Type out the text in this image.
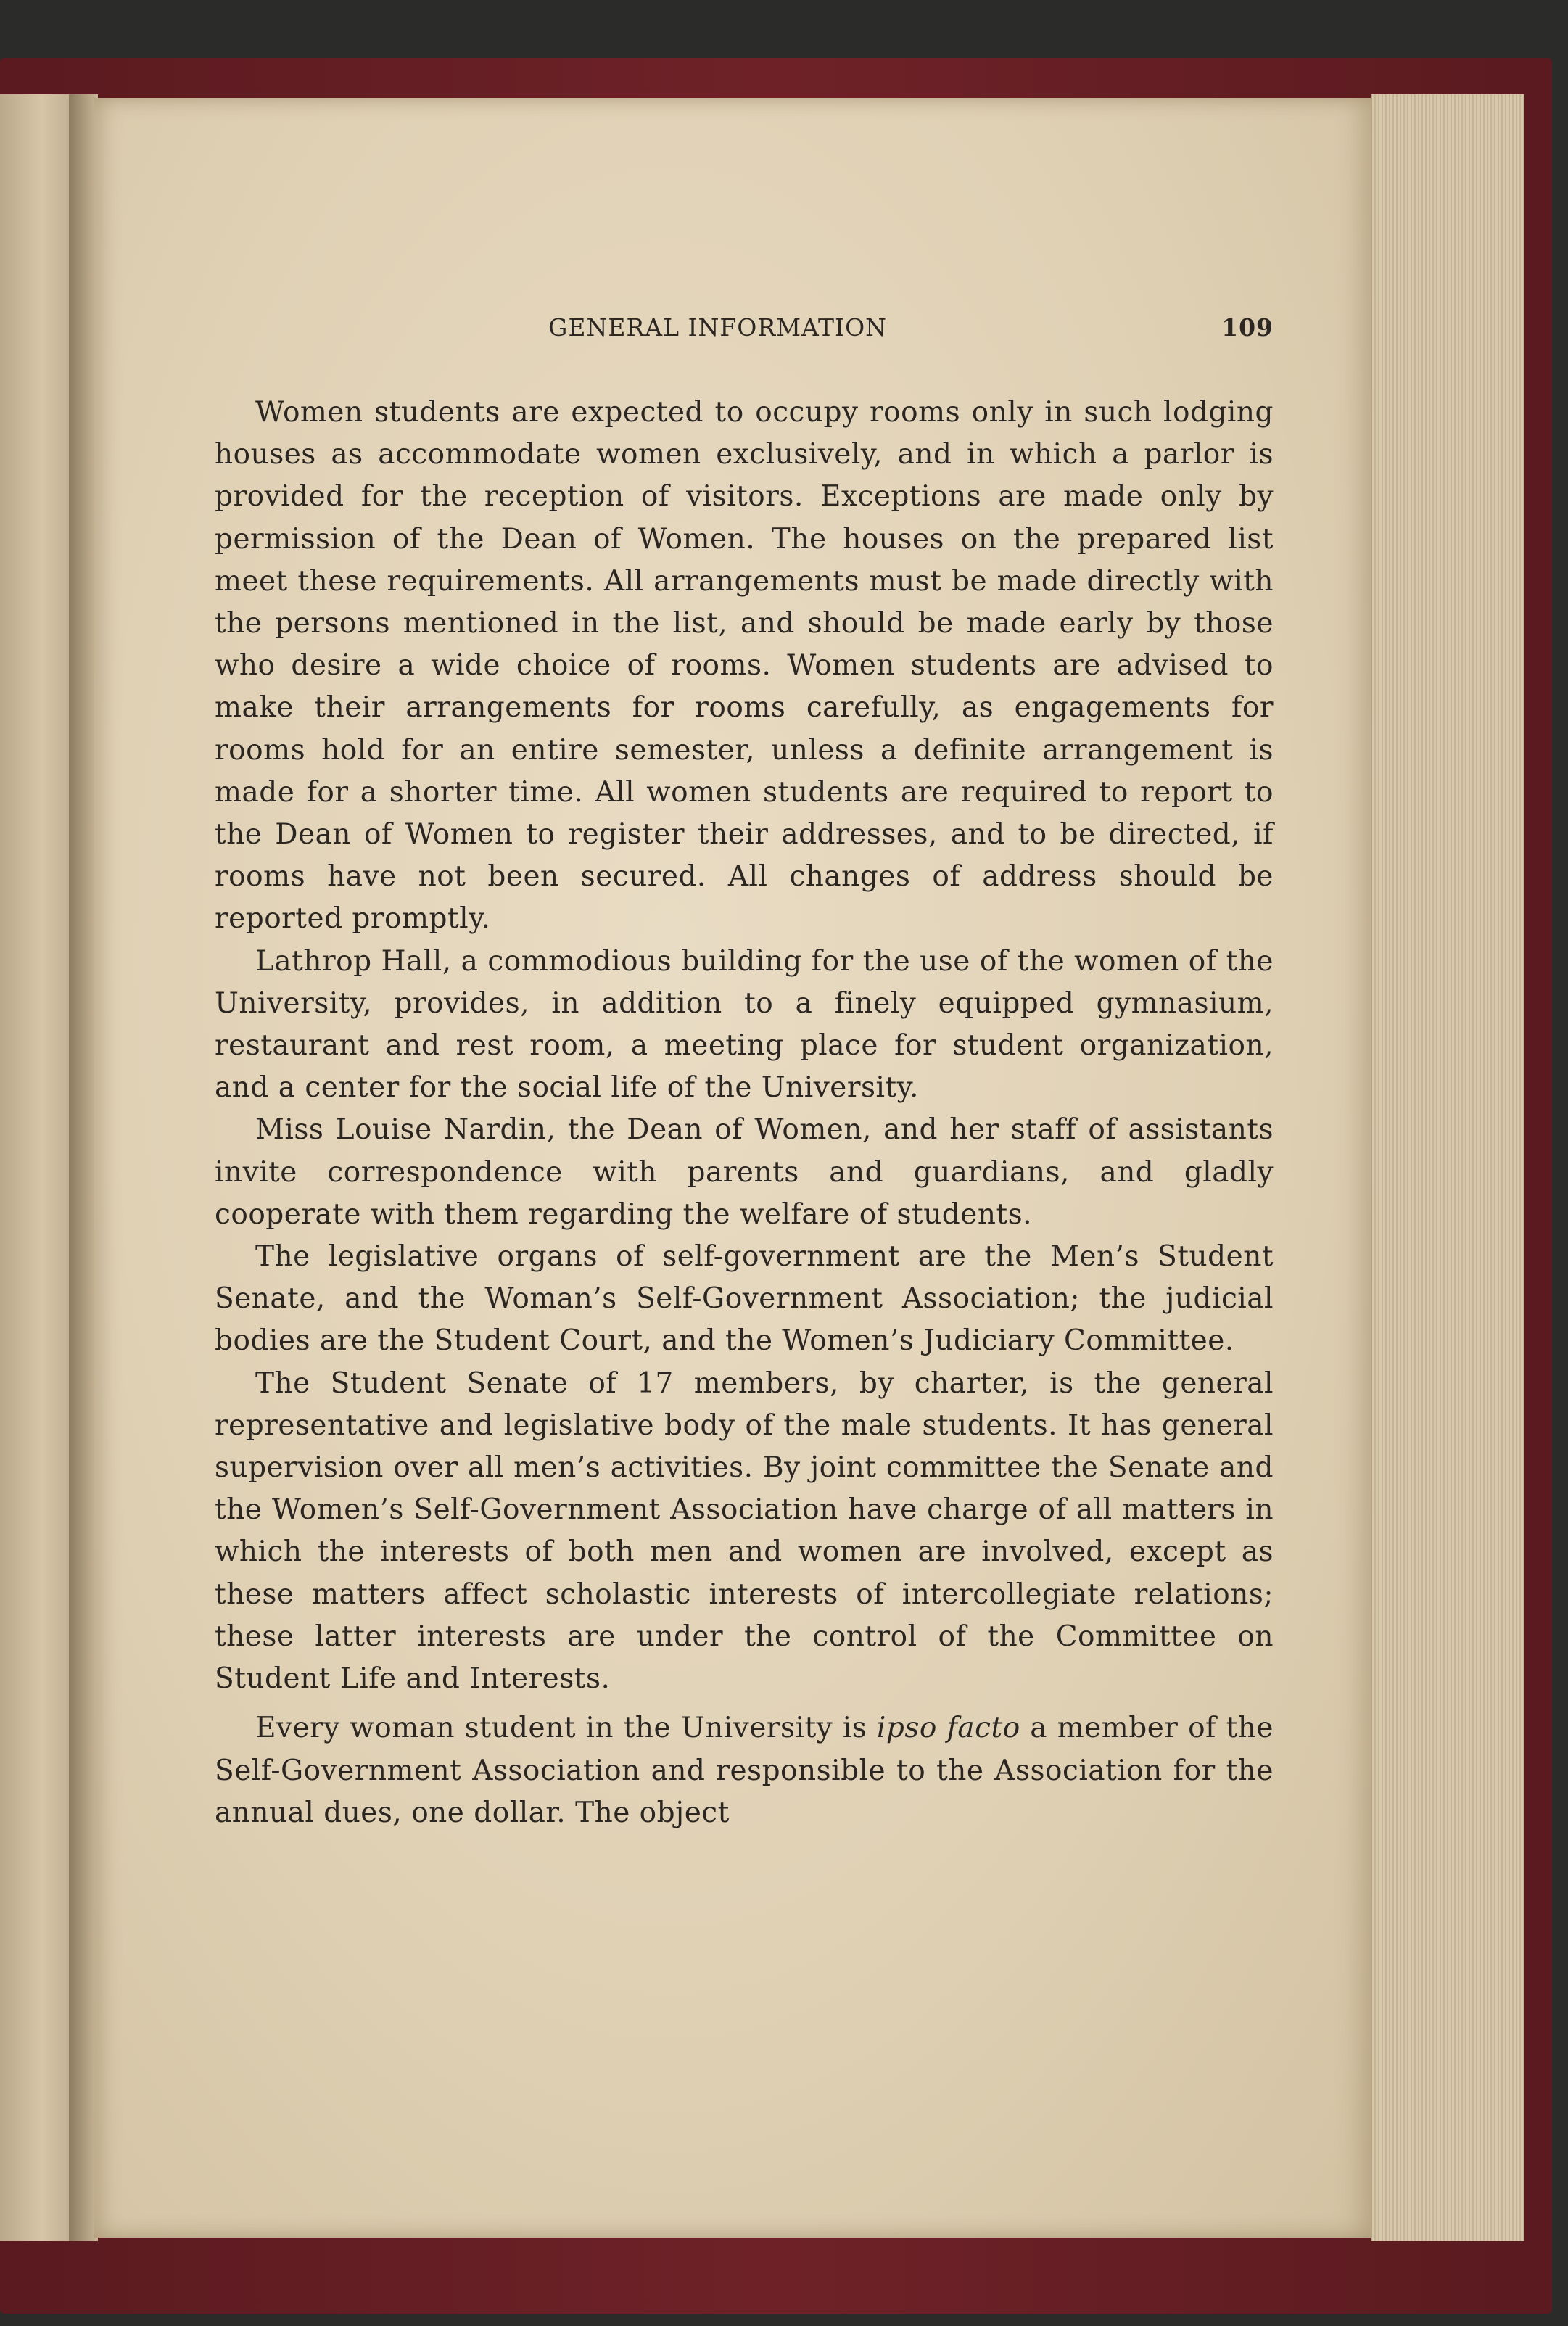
GENERAL INFORMATION	109

Women students are expected to occupy rooms only in such lodging houses as accommodate women exclusively, and in which a parlor is provided for the reception of visitors. Exceptions are made only by permission of the Dean of Women. The houses on the prepared list meet these requirements. All arrangements must be made directly with the persons mentioned in the list, and should be made early by those who desire a wide choice of rooms. Women students are advised to make their arrangements for rooms carefully, as engagements for rooms hold for an entire semester, unless a definite arrangement is made for a shorter time. All women students are required to report to the Dean of Women to register their addresses, and to be directed, if rooms have not been secured. All changes of address should be reported promptly.

Lathrop Hall, a commodious building for the use of the women of the University, provides, in addition to a finely equipped gymnasium, restaurant and rest room, a meeting place for student organization, and a center for the social life of the University.

Miss Louise Nardin, the Dean of Women, and her staff of assistants invite correspondence with parents and guardians, and gladly cooperate with them regarding the welfare of students.

The legislative organs of self-government are the Men’s Student Senate, and the Woman’s Self-Government Association; the judicial bodies are the Student Court, and the Women’s Judiciary Committee.

The Student Senate of 17 members, by charter, is the general representative and legislative body of the male students. It has general supervision over all men’s activities. By joint committee the Senate and the Women’s Self-Government Association have charge of all matters in which the interests of both men and women are involved, except as these matters affect scholastic interests of intercollegiate relations; these latter interests are under the control of the Committee on Student Life and Interests.

Every woman student in the University is ipso facto a member of the Self-Government Association and responsible to the Association for the annual dues, one dollar. The object
